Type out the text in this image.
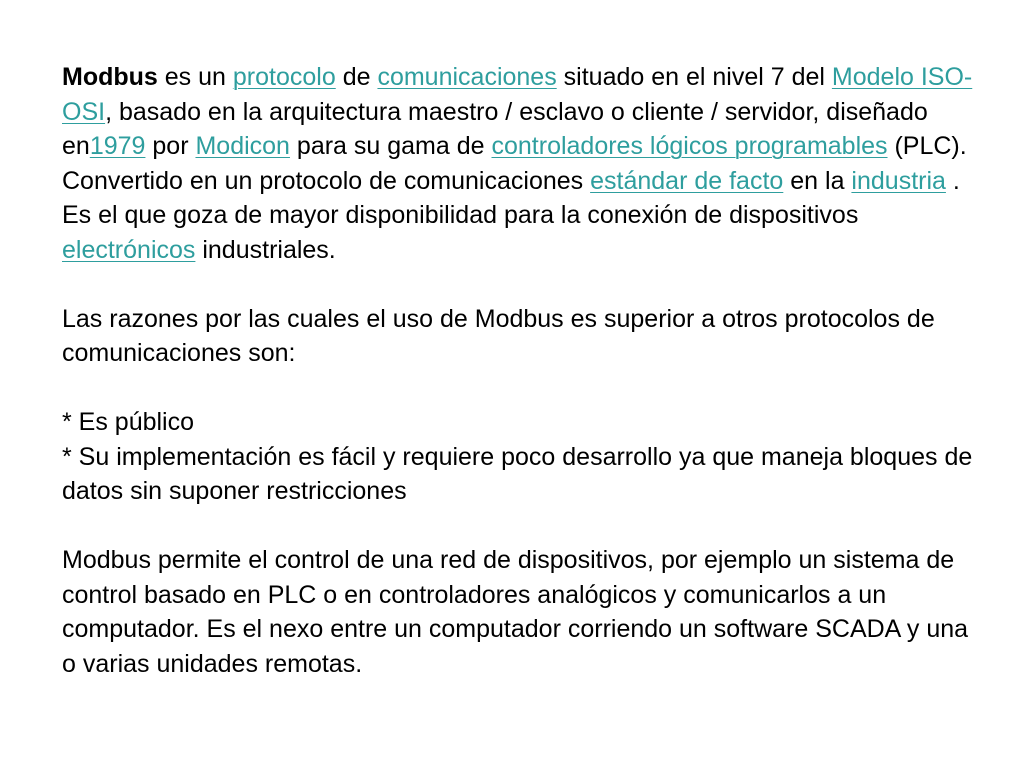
Modbus es un protocolo de comunicaciones situado en el nivel 7 del Modelo ISO- OSI, basado en la arquitectura maestro / esclavo o cliente / servidor, diseñado en1979 por Modicon para su gama de controladores lógicos programables (PLC). Convertido en un protocolo de comunicaciones estándar de facto en la industria .

Es el que goza de mayor disponibilidad para la conexión de dispositivos electrónicos industriales.

Las razones por las cuales el uso de Modbus es superior a otros protocolos de comunicaciones son:

* Es público

* Su implementación es fácil y requiere poco desarrollo ya que maneja bloques de datos sin suponer restricciones

Modbus permite el control de una red de dispositivos, por ejemplo un sistema de control basado en PLC o en controladores analógicos y comunicarlos a un computador. Es el nexo entre un computador corriendo un software SCADA y una o varias unidades remotas.
